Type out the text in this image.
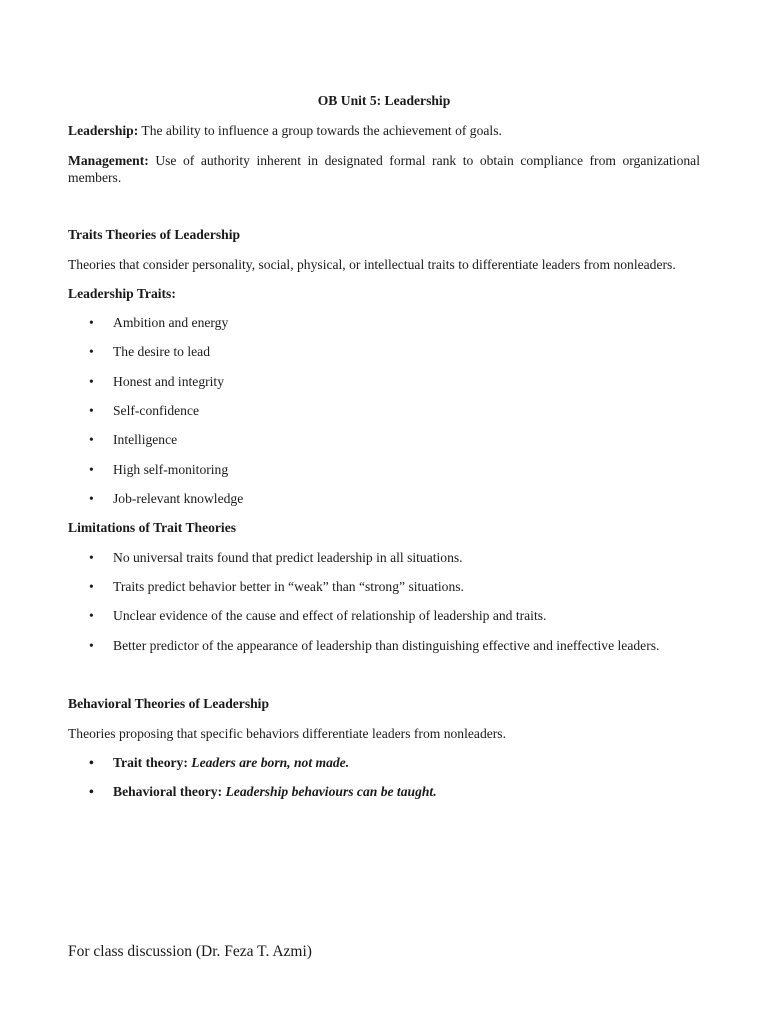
OB Unit 5: Leadership

Leadership: The ability to influence a group towards the achievement of goals.

Management: Use of authority inherent in designated formal rank to obtain compliance from organizational members.

Traits Theories of Leadership

Theories that consider personality, social, physical, or intellectual traits to differentiate leaders from nonleaders.

Leadership Traits:
• Ambition and energy
• The desire to lead
• Honest and integrity
• Self-confidence
• Intelligence
• High self-monitoring
• Job-relevant knowledge
Limitations of Trait Theories
• No universal traits found that predict leadership in all situations.
• Traits predict behavior better in “weak” than “strong” situations.
• Unclear evidence of the cause and effect of relationship of leadership and traits.
• Better predictor of the appearance of leadership than distinguishing effective and ineffective leaders.
Behavioral Theories of Leadership

Theories proposing that specific behaviors differentiate leaders from nonleaders.

• Trait theory: Leaders are born, not made.
• Behavioral theory: Leadership behaviours can be taught.
For class discussion (Dr. Feza T. Azmi)
